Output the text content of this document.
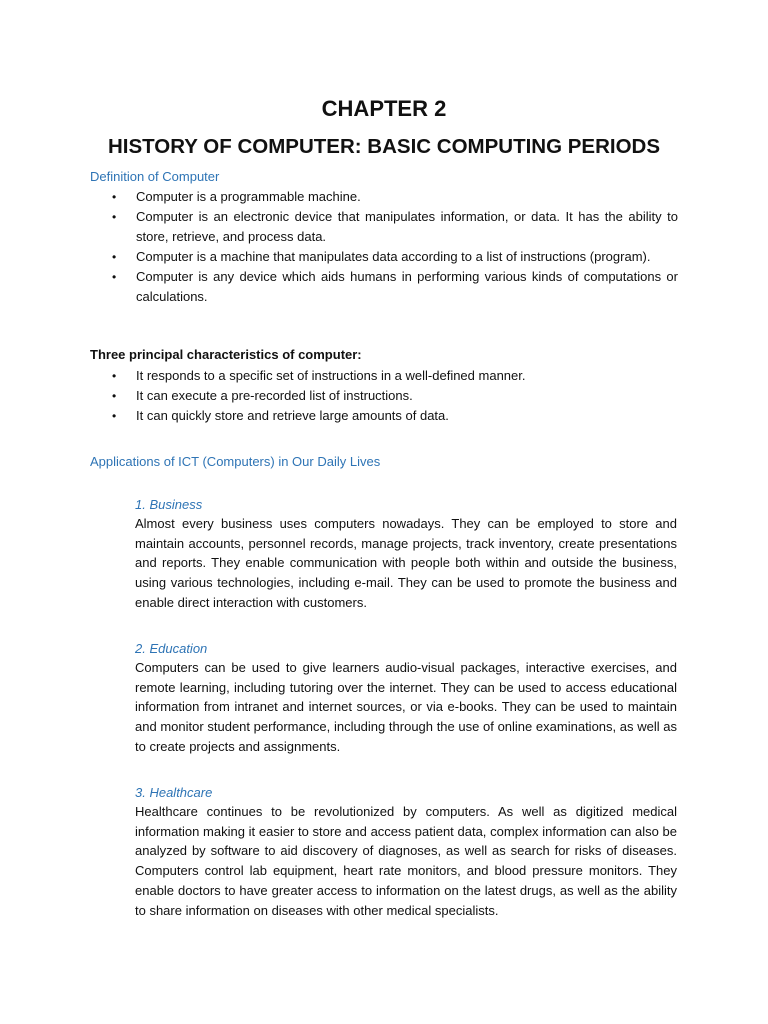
CHAPTER 2
HISTORY OF COMPUTER: BASIC COMPUTING PERIODS

Definition of Computer

• Computer is a programmable machine.
• Computer is an electronic device that manipulates information, or data. It has the ability to store, retrieve, and process data.
• Computer is a machine that manipulates data according to a list of instructions (program).
• Computer is any device which aids humans in performing various kinds of computations or calculations.

Three principal characteristics of computer:

• It responds to a specific set of instructions in a well-defined manner.
• It can execute a pre-recorded list of instructions.
• It can quickly store and retrieve large amounts of data.

Applications of ICT (Computers) in Our Daily Lives

1. Business

Almost every business uses computers nowadays. They can be employed to store and maintain accounts, personnel records, manage projects, track inventory, create presentations and reports. They enable communication with people both within and outside the business, using various technologies, including e-mail. They can be used to promote the business and enable direct interaction with customers.

2. Education

Computers can be used to give learners audio-visual packages, interactive exercises, and remote learning, including tutoring over the internet. They can be used to access educational information from intranet and internet sources, or via e-books. They can be used to maintain and monitor student performance, including through the use of online examinations, as well as to create projects and assignments.

3. Healthcare

Healthcare continues to be revolutionized by computers. As well as digitized medical information making it easier to store and access patient data, complex information can also be analyzed by software to aid discovery of diagnoses, as well as search for risks of diseases. Computers control lab equipment, heart rate monitors, and blood pressure monitors. They enable doctors to have greater access to information on the latest drugs, as well as the ability to share information on diseases with other medical specialists.
